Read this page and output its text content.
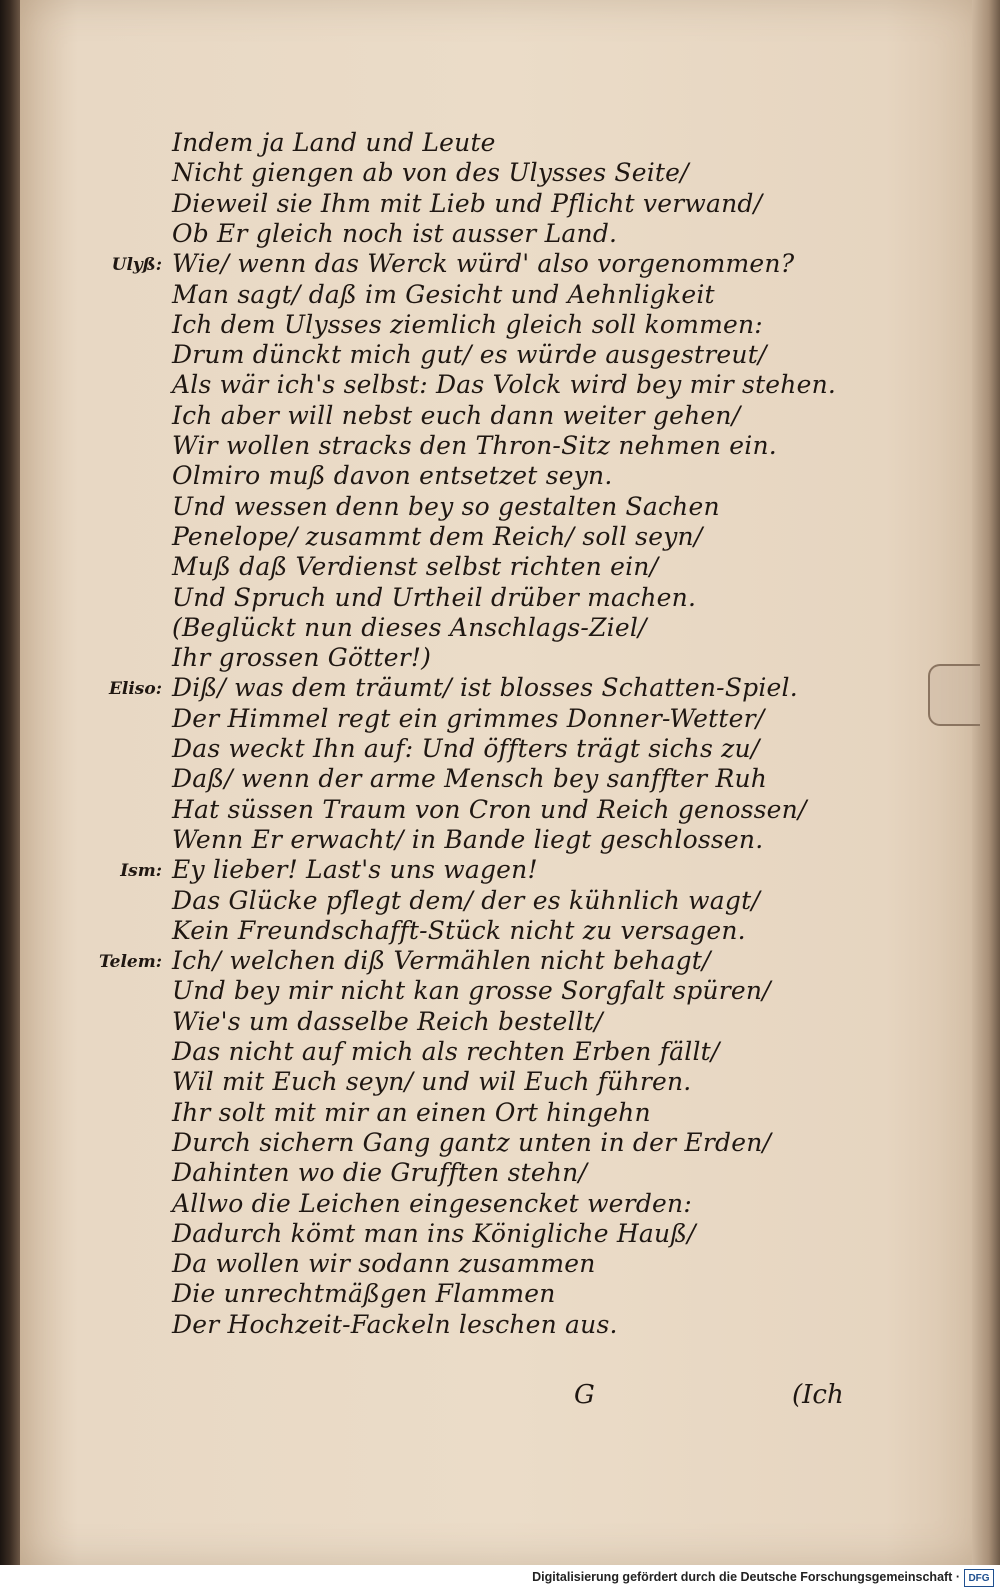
Indem ja Land und Leute
Nicht giengen ab von des Ulysses Seite/
Dieweil sie Ihm mit Lieb und Pflicht verwand/
Ob Er gleich noch ist ausser Land.
Wie/ wenn das Werck würd' also vorgenommen?
Ulyß:
Man sagt/ daß im Gesicht und Aehnligkeit
Ich dem Ulysses ziemlich gleich soll kommen:
Drum dünckt mich gut/ es würde ausgestreut/
Als wär ich's selbst: Das Volck wird bey mir stehen.
Ich aber will nebst euch dann weiter gehen/
Wir wollen stracks den Thron-Sitz nehmen ein.
Olmiro muß davon entsetzet seyn.
Und wessen denn bey so gestalten Sachen
Penelope/ zusammt dem Reich/ soll seyn/
Muß daß Verdienst selbst richten ein/
Und Spruch und Urtheil drüber machen.
(Beglückt nun dieses Anschlags-Ziel/
Ihr grossen Götter!)
Diß/ was dem träumt/ ist blosses Schatten-Spiel.
Eliso:
Der Himmel regt ein grimmes Donner-Wetter/
Das weckt Ihn auf: Und öffters trägt sichs zu/
Daß/ wenn der arme Mensch bey sanffter Ruh
Hat süssen Traum von Cron und Reich genossen/
Wenn Er erwacht/ in Bande liegt geschlossen.
Ey lieber! Last's uns wagen!
Ism:
Das Glücke pflegt dem/ der es kühnlich wagt/
Kein Freundschafft-Stück nicht zu versagen.
Ich/ welchen diß Vermählen nicht behagt/
Telem:
Und bey mir nicht kan grosse Sorgfalt spüren/
Wie's um dasselbe Reich bestellt/
Das nicht auf mich als rechten Erben fällt/
Wil mit Euch seyn/ und wil Euch führen.
Ihr solt mit mir an einen Ort hingehn
Durch sichern Gang gantz unten in der Erden/
Dahinten wo die Grufften stehn/
Allwo die Leichen eingesencket werden:
Dadurch kömt man ins Königliche Hauß/
Da wollen wir sodann zusammen
Die unrechtmäßgen Flammen
Der Hochzeit-Fackeln leschen aus.
G	(Ich
Digitalisierung gefördert durch die Deutsche Forschungsgemeinschaft · DFG
